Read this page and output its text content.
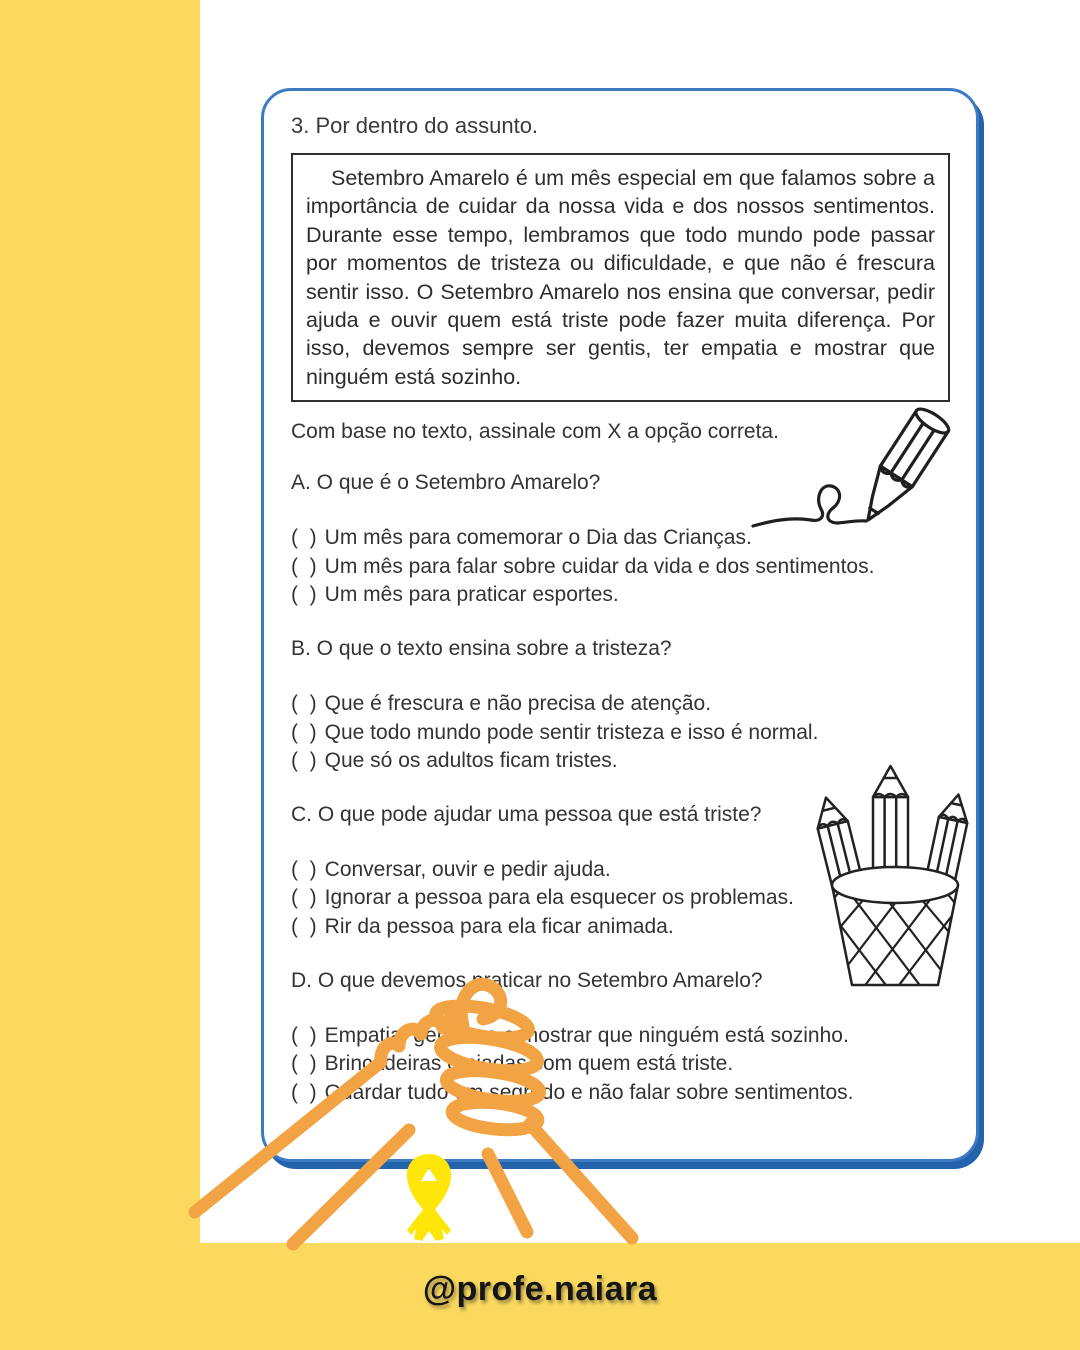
@profe.naiara
3. Por dentro do assunto.

Setembro Amarelo é um mês especial em que falamos sobre a importância de cuidar da nossa vida e dos nossos sentimentos. Durante esse tempo, lembramos que todo mundo pode passar por momentos de tristeza ou dificuldade, e que não é frescura sentir isso. O Setembro Amarelo nos ensina que conversar, pedir ajuda e ouvir quem está triste pode fazer muita diferença. Por isso, devemos sempre ser gentis, ter empatia e mostrar que ninguém está sozinho.

Com base no texto, assinale com X a opção correta.
A. O que é o Setembro Amarelo?
(  ) Um mês para comemorar o Dia das Crianças.
(  ) Um mês para falar sobre cuidar da vida e dos sentimentos.
(  ) Um mês para praticar esportes.
B. O que o texto ensina sobre a tristeza?
(  ) Que é frescura e não precisa de atenção.
(  ) Que todo mundo pode sentir tristeza e isso é normal.
(  ) Que só os adultos ficam tristes.
C. O que pode ajudar uma pessoa que está triste?
(  ) Conversar, ouvir e pedir ajuda.
(  ) Ignorar a pessoa para ela esquecer os problemas.
(  ) Rir da pessoa para ela ficar animada.
D. O que devemos praticar no Setembro Amarelo?
(  ) Empatia, gentileza e mostrar que ninguém está sozinho.
(  ) Brincadeiras e piadas com quem está triste.
(  ) Guardar tudo em segredo e não falar sobre sentimentos.
